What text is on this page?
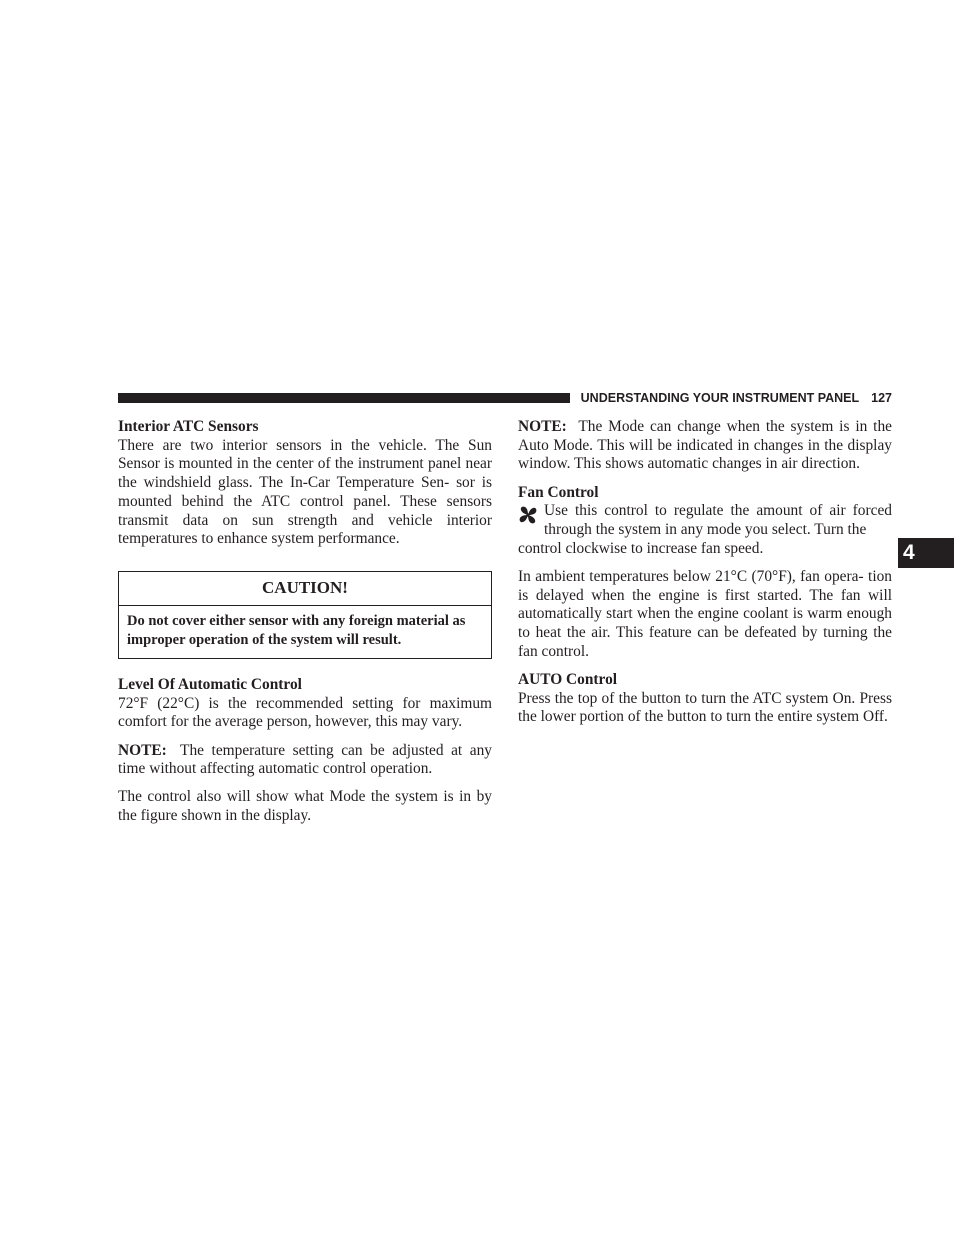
UNDERSTANDING YOUR INSTRUMENT PANEL 127
4
Interior ATC Sensors

There are two interior sensors in the vehicle. The Sun Sensor is mounted in the center of the instrument panel near the windshield glass. The In-Car Temperature Sen- sor is mounted behind the ATC control panel. These sensors transmit data on sun strength and vehicle interior temperatures to enhance system performance.

CAUTION!
Do not cover either sensor with any foreign material as improper operation of the system will result.
Level Of Automatic Control

72°F (22°C) is the recommended setting for maximum comfort for the average person, however, this may vary.

NOTE: The temperature setting can be adjusted at any time without affecting automatic control operation.

The control also will show what Mode the system is in by the figure shown in the display.

NOTE: The Mode can change when the system is in the Auto Mode. This will be indicated in changes in the display window. This shows automatic changes in air direction.

Fan Control

Use this control to regulate the amount of air forced through the system in any mode you select. Turn the

control clockwise to increase fan speed.

In ambient temperatures below 21°C (70°F), fan opera- tion is delayed when the engine is first started. The fan will automatically start when the engine coolant is warm enough to heat the air. This feature can be defeated by turning the fan control.

AUTO Control

Press the top of the button to turn the ATC system On. Press the lower portion of the button to turn the entire system Off.
